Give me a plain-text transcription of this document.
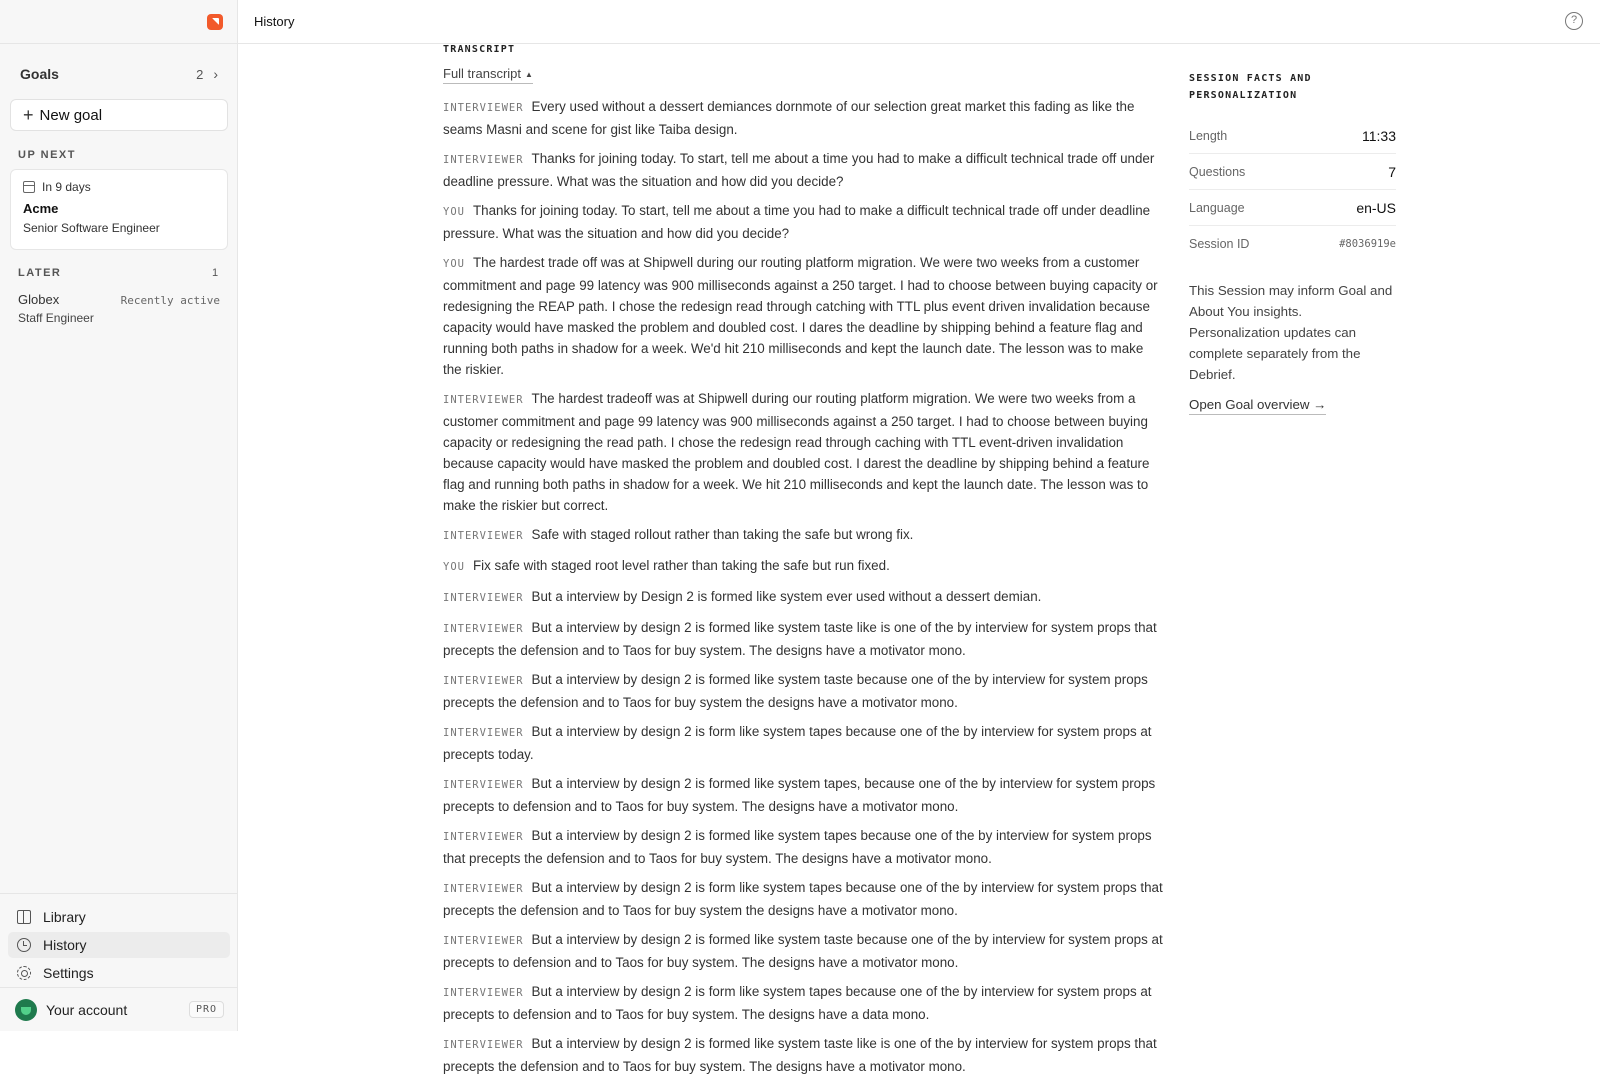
Goals	2 ›
+ New goal
UP NEXT
In 9 days
Acme
Senior Software Engineer
LATER	1
Globex
Staff Engineer
Recently active
Library
History
Settings
Your account	PRO
History	?
TRANSCRIPT
Full transcript ▲
INTERVIEWER Every used without a dessert demiances dornmote of our selection great market this fading as like the seams Masni and scene for gist like Taiba design.
INTERVIEWER Thanks for joining today. To start, tell me about a time you had to make a difficult technical trade off under deadline pressure. What was the situation and how did you decide?
YOU Thanks for joining today. To start, tell me about a time you had to make a difficult technical trade off under deadline pressure. What was the situation and how did you decide?
YOU The hardest trade off was at Shipwell during our routing platform migration. We were two weeks from a customer commitment and page 99 latency was 900 milliseconds against a 250 target. I had to choose between buying capacity or redesigning the REAP path. I chose the redesign read through catching with TTL plus event driven invalidation because capacity would have masked the problem and doubled cost. I dares the deadline by shipping behind a feature flag and running both paths in shadow for a week. We'd hit 210 milliseconds and kept the launch date. The lesson was to make the riskier.
INTERVIEWER The hardest tradeoff was at Shipwell during our routing platform migration. We were two weeks from a customer commitment and page 99 latency was 900 milliseconds against a 250 target. I had to choose between buying capacity or redesigning the read path. I chose the redesign read through caching with TTL event-driven invalidation because capacity would have masked the problem and doubled cost. I darest the deadline by shipping behind a feature flag and running both paths in shadow for a week. We hit 210 milliseconds and kept the launch date. The lesson was to make the riskier but correct.
INTERVIEWER Safe with staged rollout rather than taking the safe but wrong fix.
YOU Fix safe with staged root level rather than taking the safe but run fixed.
INTERVIEWER But a interview by Design 2 is formed like system ever used without a dessert demian.
INTERVIEWER But a interview by design 2 is formed like system taste like is one of the by interview for system props that precepts the defension and to Taos for buy system. The designs have a motivator mono.
INTERVIEWER But a interview by design 2 is formed like system taste because one of the by interview for system props precepts the defension and to Taos for buy system the designs have a motivator mono.
INTERVIEWER But a interview by design 2 is form like system tapes because one of the by interview for system props at precepts today.
INTERVIEWER But a interview by design 2 is formed like system tapes, because one of the by interview for system props precepts to defension and to Taos for buy system. The designs have a motivator mono.
INTERVIEWER But a interview by design 2 is formed like system tapes because one of the by interview for system props that precepts the defension and to Taos for buy system. The designs have a motivator mono.
INTERVIEWER But a interview by design 2 is form like system tapes because one of the by interview for system props that precepts the defension and to Taos for buy system the designs have a motivator mono.
INTERVIEWER But a interview by design 2 is formed like system taste because one of the by interview for system props at precepts to defension and to Taos for buy system. The designs have a motivator mono.
INTERVIEWER But a interview by design 2 is form like system tapes because one of the by interview for system props at precepts to defension and to Taos for buy system. The designs have a data mono.
INTERVIEWER But a interview by design 2 is formed like system taste like is one of the by interview for system props that precepts the defension and to Taos for buy system. The designs have a motivator mono.
SESSION FACTS AND PERSONALIZATION
Length	11:33
Questions	7
Language	en-US
Session ID	#8036919e
This Session may inform Goal and About You insights. Personalization updates can complete separately from the Debrief.
Open Goal overview →
